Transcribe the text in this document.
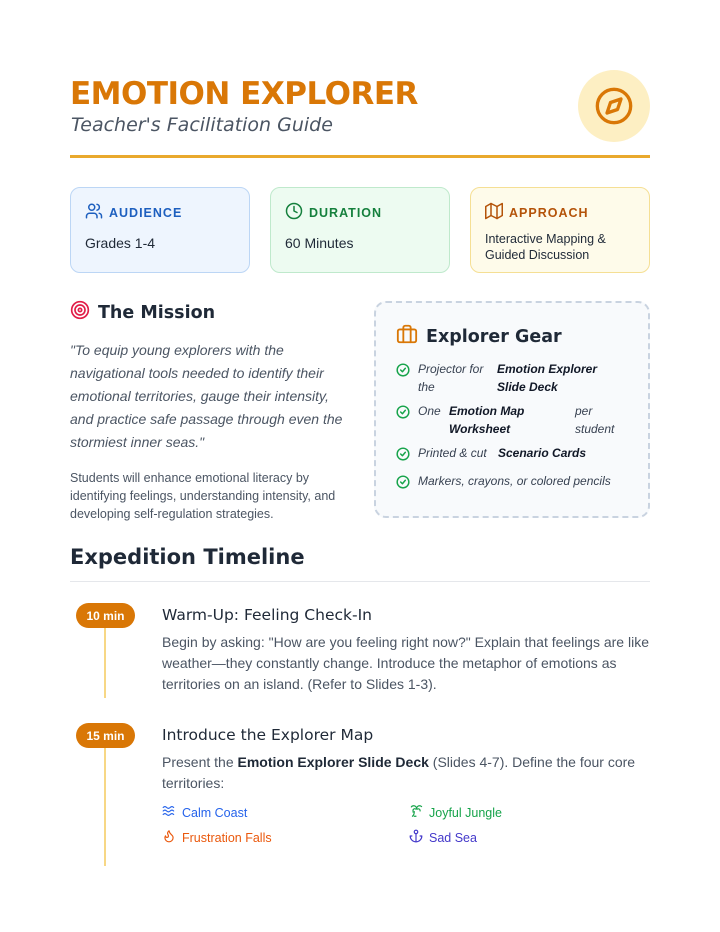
EMOTION EXPLORER
Teacher's Facilitation Guide
AUDIENCE
Grades 1-4
DURATION
60 Minutes
APPROACH
Interactive Mapping &
Guided Discussion
The Mission
"To equip young explorers with the navigational tools needed to identify their emotional territories, gauge their intensity, and practice safe passage through even the stormiest inner seas."
Students will enhance emotional literacy by identifying feelings, understanding intensity, and developing self-regulation strategies.
Explorer Gear
Projector for the
Emotion Explorer Slide Deck
One Emotion Map Worksheet
per student
Printed & cut Scenario Cards
Markers, crayons, or colored pencils
Expedition Timeline
10 min	Warm-Up: Feeling Check-In
Begin by asking: "How are you feeling right now?" Explain that feelings are like weather—they constantly change. Introduce the metaphor of emotions as territories on an island. (Refer to Slides 1-3).
15 min	Introduce the Explorer Map
Present the Emotion Explorer Slide Deck (Slides 4-7). Define the four core territories:
Calm Coast	Joyful Jungle
Frustration Falls	Sad Sea
